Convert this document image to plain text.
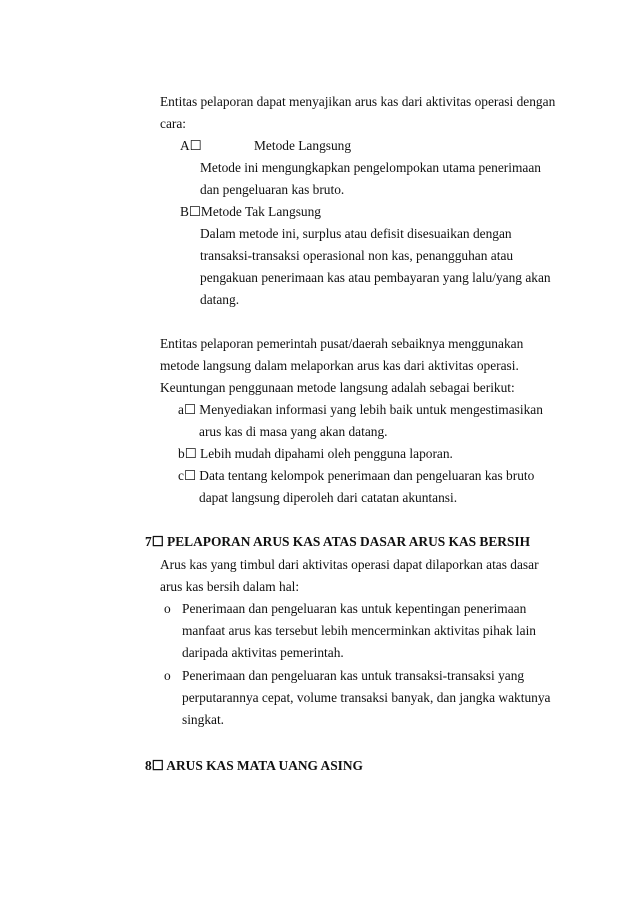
Entitas pelaporan dapat menyajikan arus kas dari aktivitas operasi dengan
cara:
A☐	Metode Langsung
Metode ini mengungkapkan pengelompokan utama penerimaan
dan pengeluaran kas bruto.
B☐Metode Tak Langsung
Dalam metode ini, surplus atau defisit disesuaikan dengan
transaksi-transaksi operasional non kas, penangguhan atau
pengakuan penerimaan kas atau pembayaran yang lalu/yang akan
datang.
Entitas pelaporan pemerintah pusat/daerah sebaiknya menggunakan
metode langsung dalam melaporkan arus kas dari aktivitas operasi.
Keuntungan penggunaan metode langsung adalah sebagai berikut:
a☐ Menyediakan informasi yang lebih baik untuk mengestimasikan
arus kas di masa yang akan datang.
b☐ Lebih mudah dipahami oleh pengguna laporan.
c☐ Data tentang kelompok penerimaan dan pengeluaran kas bruto
dapat langsung diperoleh dari catatan akuntansi.
7☐ PELAPORAN ARUS KAS ATAS DASAR ARUS KAS BERSIH
Arus kas yang timbul dari aktivitas operasi dapat dilaporkan atas dasar
arus kas bersih dalam hal:
o Penerimaan dan pengeluaran kas untuk kepentingan penerimaan
manfaat arus kas tersebut lebih mencerminkan aktivitas pihak lain
daripada aktivitas pemerintah.
o Penerimaan dan pengeluaran kas untuk transaksi-transaksi yang
perputarannya cepat, volume transaksi banyak, dan jangka waktunya
singkat.
8☐ ARUS KAS MATA UANG ASING
